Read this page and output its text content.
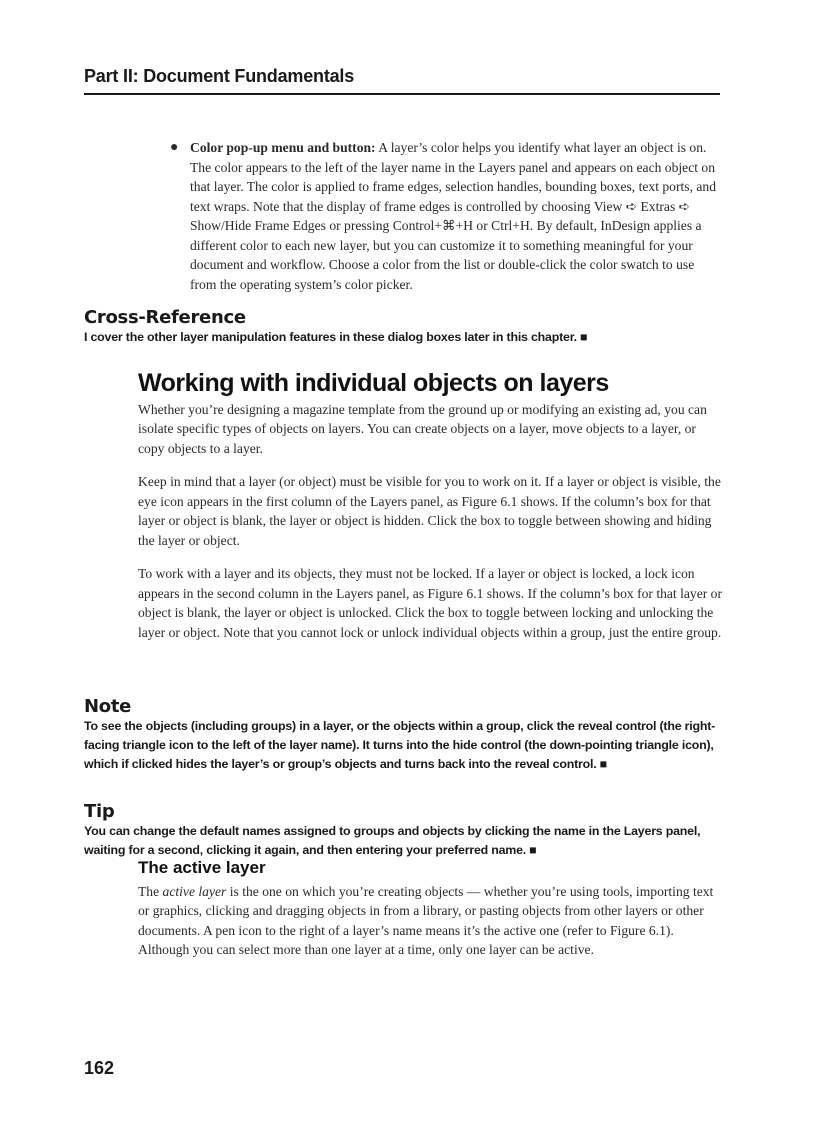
Part II: Document Fundamentals
● Color pop-up menu and button: A layer’s color helps you identify what layer an object is on. The color appears to the left of the layer name in the Layers panel and appears on each object on that layer. The color is applied to frame edges, selection handles, bounding boxes, text ports, and text wraps. Note that the display of frame edges is controlled by choosing View ➪ Extras ➪ Show/Hide Frame Edges or pressing Control+⌘+H or Ctrl+H. By default, InDesign applies a different color to each new layer, but you can customize it to something meaningful for your document and workflow. Choose a color from the list or double-click the color swatch to use from the operating system’s color picker.
Cross-Reference
I cover the other layer manipulation features in these dialog boxes later in this chapter. ■
Working with individual objects on layers

Whether you’re designing a magazine template from the ground up or modifying an existing ad, you can isolate specific types of objects on layers. You can create objects on a layer, move objects to a layer, or copy objects to a layer.

Keep in mind that a layer (or object) must be visible for you to work on it. If a layer or object is visible, the eye icon appears in the first column of the Layers panel, as Figure 6.1 shows. If the column’s box for that layer or object is blank, the layer or object is hidden. Click the box to toggle between showing and hiding the layer or object.

To work with a layer and its objects, they must not be locked. If a layer or object is locked, a lock icon appears in the second column in the Layers panel, as Figure 6.1 shows. If the column’s box for that layer or object is blank, the layer or object is unlocked. Click the box to toggle between locking and unlocking the layer or object. Note that you cannot lock or unlock individual objects within a group, just the entire group.

Note
To see the objects (including groups) in a layer, or the objects within a group, click the reveal control (the right-facing triangle icon to the left of the layer name). It turns into the hide control (the down-pointing triangle icon), which if clicked hides the layer’s or group’s objects and turns back into the reveal control. ■
Tip
You can change the default names assigned to groups and objects by clicking the name in the Layers panel, waiting for a second, clicking it again, and then entering your preferred name. ■
The active layer

The active layer is the one on which you’re creating objects — whether you’re using tools, importing text or graphics, clicking and dragging objects in from a library, or pasting objects from other layers or other documents. A pen icon to the right of a layer’s name means it’s the active one (refer to Figure 6.1). Although you can select more than one layer at a time, only one layer can be active.

162
